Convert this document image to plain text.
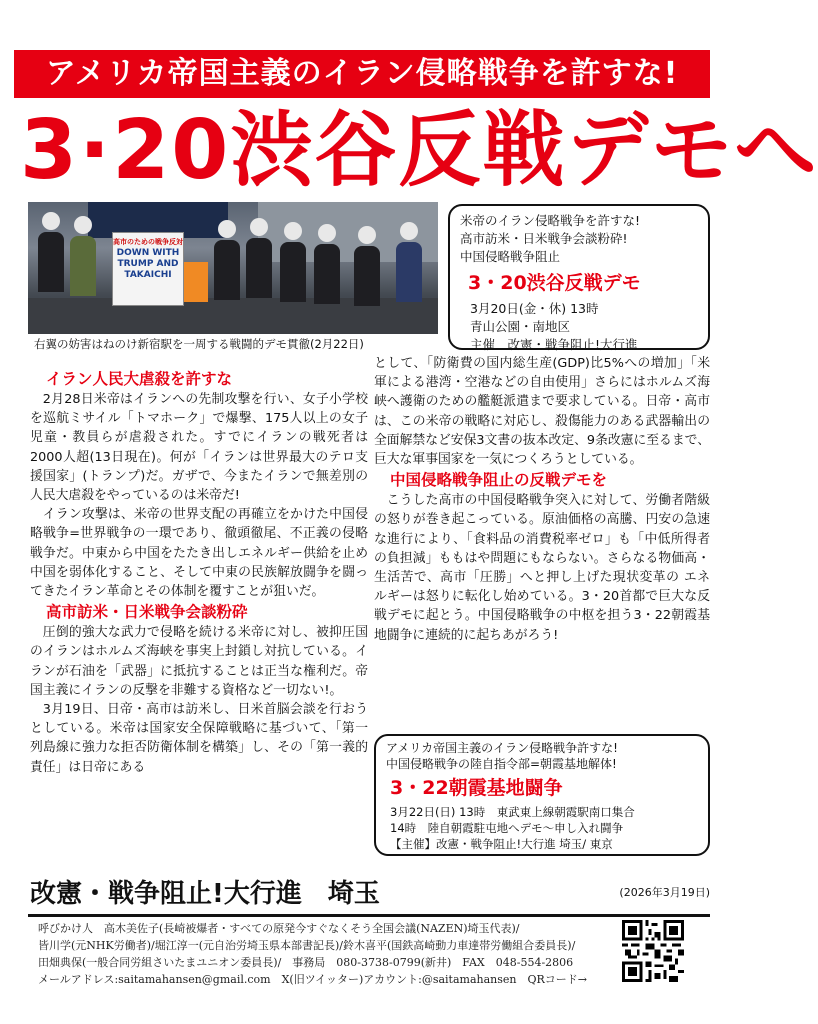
アメリカ帝国主義のイラン侵略戦争を許すな!
3·20渋谷反戦デモへ
高市のための戦争反対
DOWN WITH
TRUMP AND
TAKAICHI
右翼の妨害はねのけ新宿駅を一周する戦闘的デモ貫徹(2月22日)
米帝のイラン侵略戦争を許すな!
高市訪米・日米戦争会談粉砕!
中国侵略戦争阻止
3・20渋谷反戦デモ
3月20日(金・休) 13時
青山公園・南地区
主催　改憲・戦争阻止!大行進
イラン人民大虐殺を許すな

2月28日米帝はイランへの先制攻撃を行い、女子小学校を巡航ミサイル「トマホーク」で爆撃、175人以上の女子児童・教員らが虐殺された。すでにイランの戦死者は2000人超(13日現在)。何が「イランは世界最大のテロ支援国家」(トランプ)だ。ガザで、今またイランで無差別の人民大虐殺をやっているのは米帝だ!

イラン攻撃は、米帝の世界支配の再確立をかけた中国侵略戦争=世界戦争の一環であり、徹頭徹尾、不正義の侵略戦争だ。中東から中国をたたき出しエネルギー供給を止め中国を弱体化すること、そして中東の民族解放闘争を闘ってきたイラン革命とその体制を覆すことが狙いだ。

高市訪米・日米戦争会談粉砕

圧倒的強大な武力で侵略を続ける米帝に対し、被抑圧国のイランはホルムズ海峡を事実上封鎖し対抗している。イランが石油を「武器」に抵抗することは正当な権利だ。帝国主義にイランの反撃を非難する資格など一切ない!。

3月19日、日帝・高市は訪米し、日米首脳会談を行おうとしている。米帝は国家安全保障戦略に基づいて、「第一列島線に強力な拒否防衛体制を構築」し、その「第一義的責任」は日帝にある

として、「防衛費の国内総生産(GDP)比5%への増加」「米軍による港湾・空港などの自由使用」さらにはホルムズ海峡へ護衛のための艦艇派遣まで要求している。日帝・高市は、この米帝の戦略に対応し、殺傷能力のある武器輸出の全面解禁など安保3文書の抜本改定、9条改憲に至るまで、巨大な軍事国家を一気につくろうとしている。

中国侵略戦争阻止の反戦デモを

こうした高市の中国侵略戦争突入に対して、労働者階級の怒りが巻き起こっている。原油価格の高騰、円安の急速な進行により、「食料品の消費税率ゼロ」も「中低所得者の負担減」ももはや問題にもならない。さらなる物価高・生活苦で、高市「圧勝」へと押し上げた現状変革の エネルギーは怒りに転化し始めている。3・20首都で巨大な反戦デモに起とう。中国侵略戦争の中枢を担う3・22朝霞基地闘争に連続的に起ちあがろう!

アメリカ帝国主義のイラン侵略戦争許すな!
中国侵略戦争の陸自指令部=朝霞基地解体!
3・22朝霞基地闘争
3月22日(日) 13時　東武東上線朝霞駅南口集合
14時　陸自朝霞駐屯地へデモ〜申し入れ闘争
【主催】改憲・戦争阻止!大行進 埼玉/ 東京
改憲・戦争阻止!大行進　埼玉	(2026年3月19日)
呼びかけ人　高木美佐子(長崎被爆者・すべての原発今すぐなくそう全国会議(NAZEN)埼玉代表)/
皆川学(元NHK労働者)/堀江淳一(元自治労埼玉県本部書記長)/鈴木喜平(国鉄高崎動力車達帯労働組合委員長)/
田畑典保(一般合同労組さいたまユニオン委員長)/　事務局　080-3738-0799(新井)　FAX　048-554-2806
メールアドレス:saitamahansen@gmail.com　X(旧ツイッター)アカウント:@saitamahansen　QRコード→
